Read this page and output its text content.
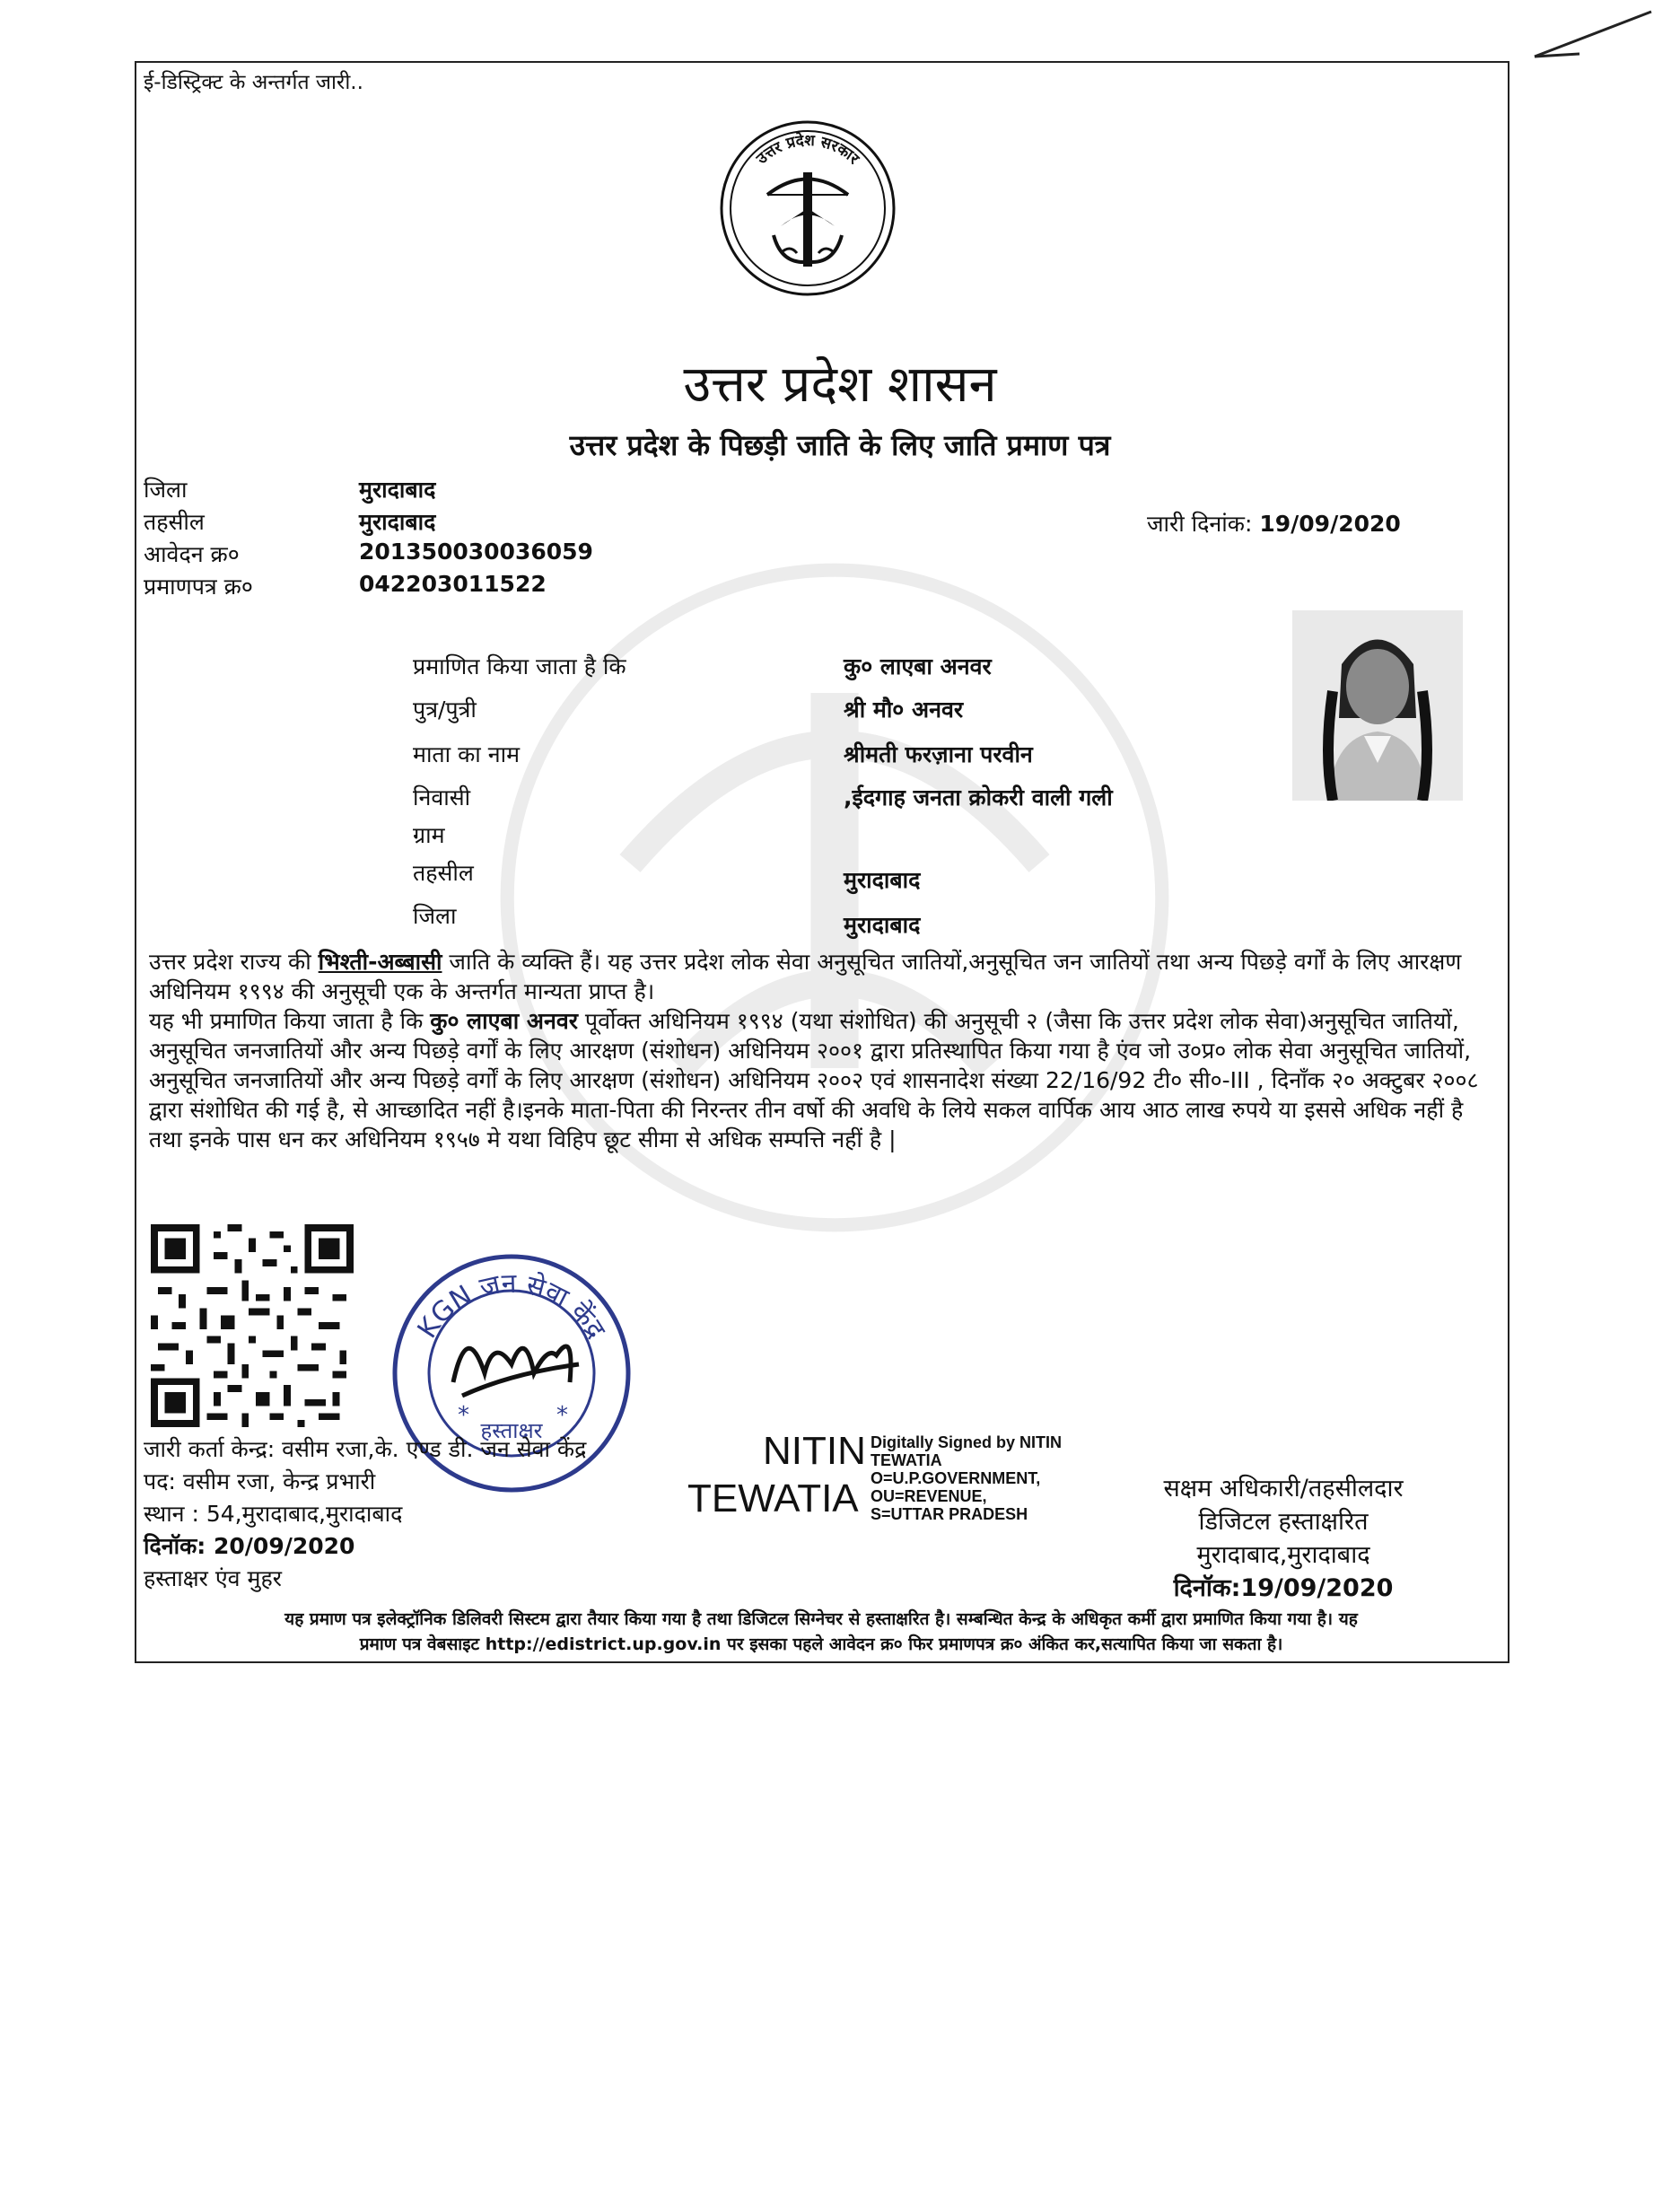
ई-डिस्ट्रिक्ट के अन्तर्गत जारी..
उत्तर प्रदेश सरकार
उत्तर प्रदेश शासन
उत्तर प्रदेश के पिछड़ी जाति के लिए जाति प्रमाण पत्र
जिला	मुरादाबाद
तहसील	मुरादाबाद
आवेदन क्र०	201350030036059
प्रमाणपत्र क्र०	042203011522
जारी दिनांक: 19/09/2020
प्रमाणित किया जाता है कि	कु० लाएबा अनवर
पुत्र/पुत्री	श्री मौ० अनवर
माता का नाम	श्रीमती फरज़ाना परवीन
निवासी	,ईदगाह जनता क्रोकरी वाली गली
ग्राम
तहसील	मुरादाबाद
जिला	मुरादाबाद

उत्तर प्रदेश राज्य की भिश्ती-अब्बासी जाति के व्यक्ति हैं। यह उत्तर प्रदेश लोक सेवा अनुसूचित जातियों,अनुसूचित जन जातियों तथा अन्य पिछड़े वर्गों के लिए आरक्षण अधिनियम १९९४ की अनुसूची एक के अन्तर्गत मान्यता प्राप्त है।

यह भी प्रमाणित किया जाता है कि कु० लाएबा अनवर पूर्वोक्त अधिनियम १९९४ (यथा संशोधित) की अनुसूची २ (जैसा कि उत्तर प्रदेश लोक सेवा)अनुसूचित जातियों, अनुसूचित जनजातियों और अन्य पिछड़े वर्गों के लिए आरक्षण (संशोधन) अधिनियम २००१ द्वारा प्रतिस्थापित किया गया है एंव जो उ०प्र० लोक सेवा अनुसूचित जातियों, अनुसूचित जनजातियों और अन्य पिछड़े वर्गों के लिए आरक्षण (संशोधन) अधिनियम २००२ एवं शासनादेश संख्या 22/16/92 टी० सी०-III , दिनाँक २० अक्टुबर २००८ द्वारा संशोधित की गई है, से आच्छादित नहीं है।इनके माता-पिता की निरन्तर तीन वर्षो की अवधि के लिये सकल वार्पिक आय आठ लाख रुपये या इससे अधिक नहीं है तथा इनके पास धन कर अधिनियम १९५७ मे यथा विहिप छूट सीमा से अधिक सम्पत्ति नहीं है |

KGN जन सेवा केंद्र
हस्ताक्षर
*	*
जारी कर्ता केन्द्र: वसीम रजा,के. एण्ड डी. जन सेवा केंद्र
पद: वसीम रजा, केन्द्र प्रभारी
स्थान : 54,मुरादाबाद,मुरादाबाद
दिनॉक: 20/09/2020
हस्ताक्षर एंव मुहर
NITIN
TEWATIA
Digitally Signed by NITIN
TEWATIA
O=U.P.GOVERNMENT,
OU=REVENUE,
S=UTTAR PRADESH
सक्षम अधिकारी/तहसीलदार
डिजिटल हस्ताक्षरित
मुरादाबाद,मुरादाबाद
दिनॉक:19/09/2020
यह प्रमाण पत्र इलेक्ट्रॉनिक डिलिवरी सिस्टम द्वारा तैयार किया गया है तथा डिजिटल सिग्नेचर से हस्ताक्षरित है। सम्बन्धित केन्द्र के अधिकृत कर्मी द्वारा प्रमाणित किया गया है। यह
प्रमाण पत्र वेबसाइट http://edistrict.up.gov.in पर इसका पहले आवेदन क्र० फिर प्रमाणपत्र क्र० अंकित कर,सत्यापित किया जा सकता है।
